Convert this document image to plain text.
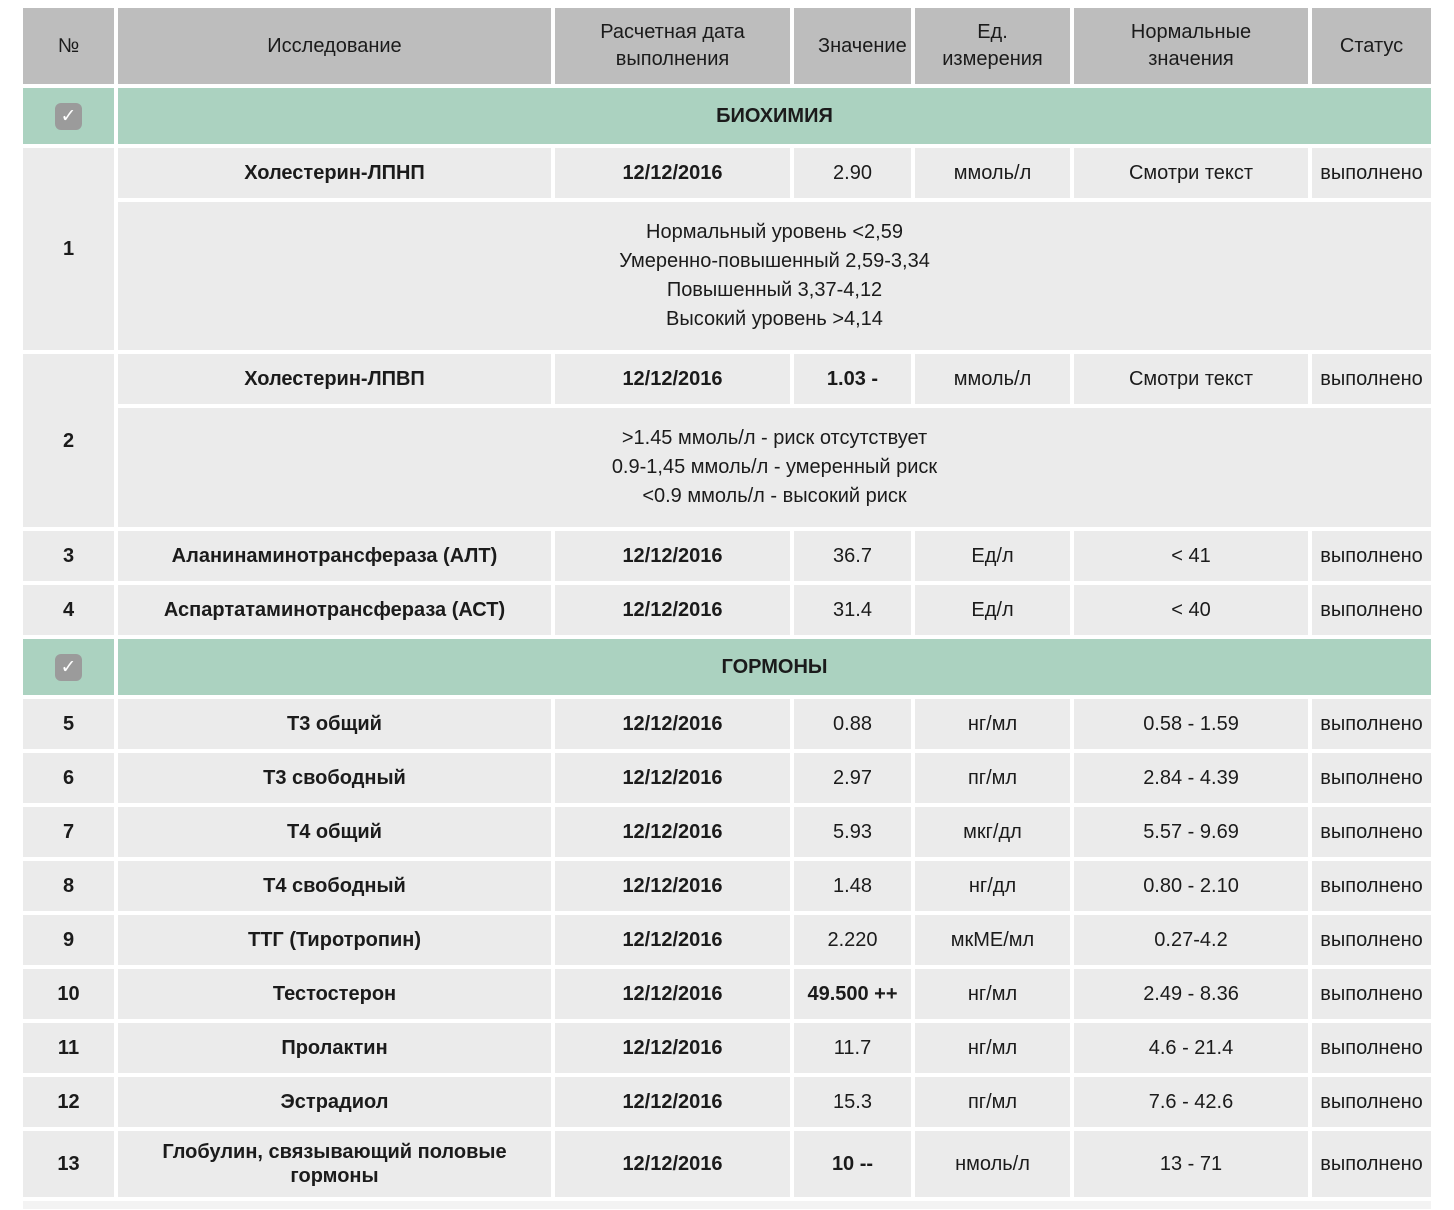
№	Исследование	Расчетная дата выполнения	Значение	Ед. измерения	Нормальные значения	Статус

✓	БИОХИМИЯ					
1	Холестерин-ЛПНП	12/12/2016	2.90	ммоль/л	Смотри текст	выполнено

	Нормальный уровень <2,59
Умеренно-повышенный 2,59-3,34
Повышенный 3,37-4,12
Высокий уровень >4,14					

2	Холестерин-ЛПВП	12/12/2016	1.03 -	ммоль/л	Смотри текст	выполнено

	>1.45 ммоль/л - риск отсутствует
0.9-1,45 ммоль/л - умеренный риск
<0.9 ммоль/л - высокий риск					

3	Аланинаминотрансфераза (АЛТ)	12/12/2016	36.7	Ед/л	< 41	выполнено
4	Аспартатаминотрансфераза (АСТ)	12/12/2016	31.4	Ед/л	< 40	выполнено

✓	ГОРМОНЫ					
5	Т3 общий	12/12/2016	0.88	нг/мл	0.58 - 1.59	выполнено
6	Т3 свободный	12/12/2016	2.97	пг/мл	2.84 - 4.39	выполнено
7	Т4 общий	12/12/2016	5.93	мкг/дл	5.57 - 9.69	выполнено
8	Т4 свободный	12/12/2016	1.48	нг/дл	0.80 - 2.10	выполнено
9	ТТГ (Тиротропин)	12/12/2016	2.220	мкМЕ/мл	0.27-4.2	выполнено
10	Тестостерон	12/12/2016	49.500 ++	нг/мл	2.49 - 8.36	выполнено
11	Пролактин	12/12/2016	11.7	нг/мл	4.6 - 21.4	выполнено
12	Эстрадиол	12/12/2016	15.3	пг/мл	7.6 - 42.6	выполнено
13	Глобулин, связывающий половые гормоны	12/12/2016	10 --	нмоль/л	13 - 71	выполнено
